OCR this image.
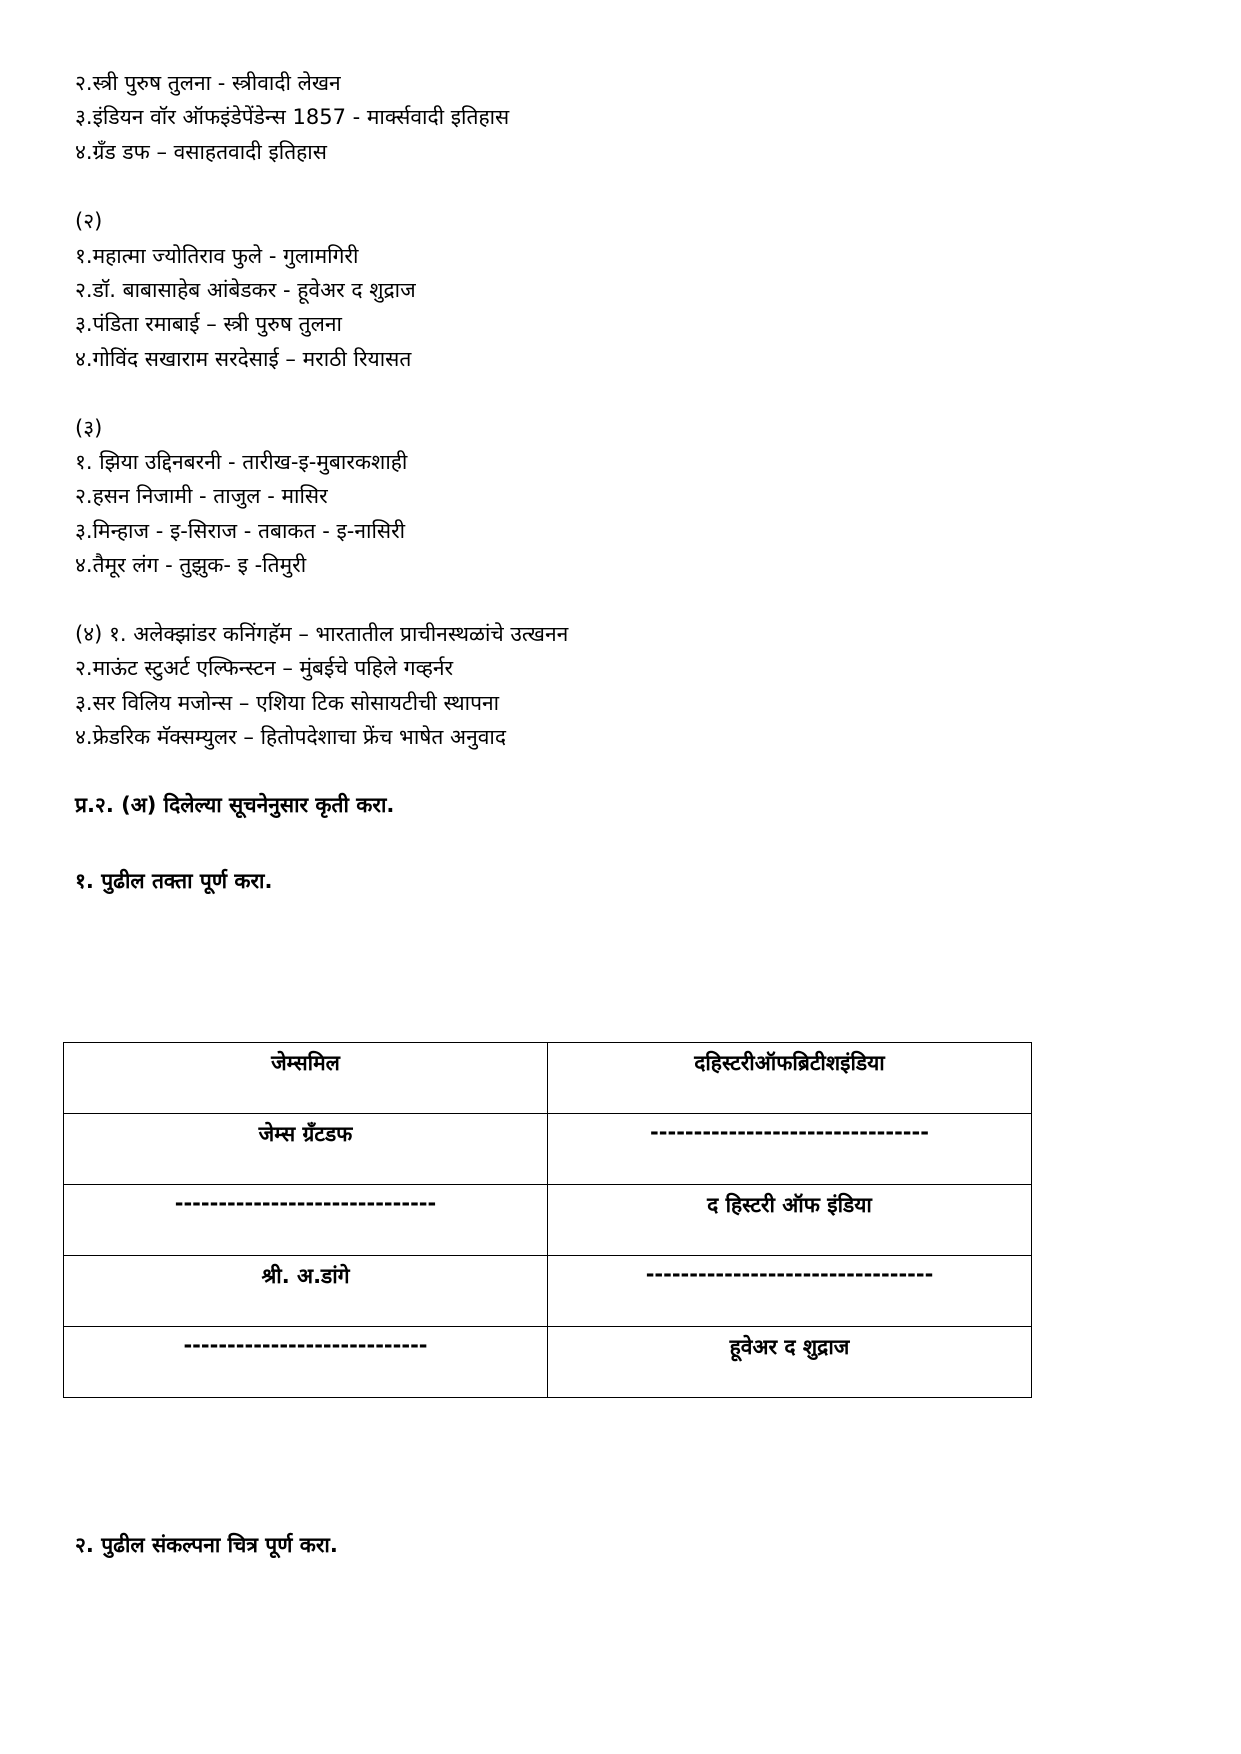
२.स्त्री पुरुष तुलना - स्त्रीवादी लेखन
३.इंडियन वॉर ऑफइंडेपेंडेन्स 1857 - मार्क्सवादी इतिहास
४.ग्रँड डफ – वसाहतवादी इतिहास
(२)
१.महात्मा ज्योतिराव फुले - गुलामगिरी
२.डॉ. बाबासाहेब आंबेडकर - हूवेअर द शुद्राज
३.पंडिता रमाबाई – स्त्री पुरुष तुलना
४.गोविंद सखाराम सरदेसाई – मराठी रियासत
(३)
१. झिया उद्दिनबरनी - तारीख-इ-मुबारकशाही
२.हसन निजामी - ताजुल - मासिर
३.मिन्हाज - इ-सिराज - तबाकत - इ-नासिरी
४.तैमूर लंग - तुझुक- इ -तिमुरी
(४) १. अलेक्झांडर कनिंगहॅम – भारतातील प्राचीनस्थळांचे उत्खनन
२.माऊंट स्टुअर्ट एल्फिन्स्टन – मुंबईचे पहिले गव्हर्नर
३.सर विलिय मजोन्स – एशिया टिक सोसायटीची स्थापना
४.फ्रेडरिक मॅक्सम्युलर – हितोपदेशाचा फ्रेंच भाषेत अनुवाद
प्र.२. (अ) दिलेल्या सूचनेनुसार कृती करा.
१. पुढील तक्ता पूर्ण करा.
जेम्समिल	दहिस्टरीऑफब्रिटीशइंडिया
जेम्स ग्रँटडफ	--------------------------------
------------------------------	द हिस्टरी ऑफ इंडिया
श्री. अ.डांगे	---------------------------------
----------------------------	हूवेअर द शुद्राज
२. पुढील संकल्पना चित्र पूर्ण करा.
